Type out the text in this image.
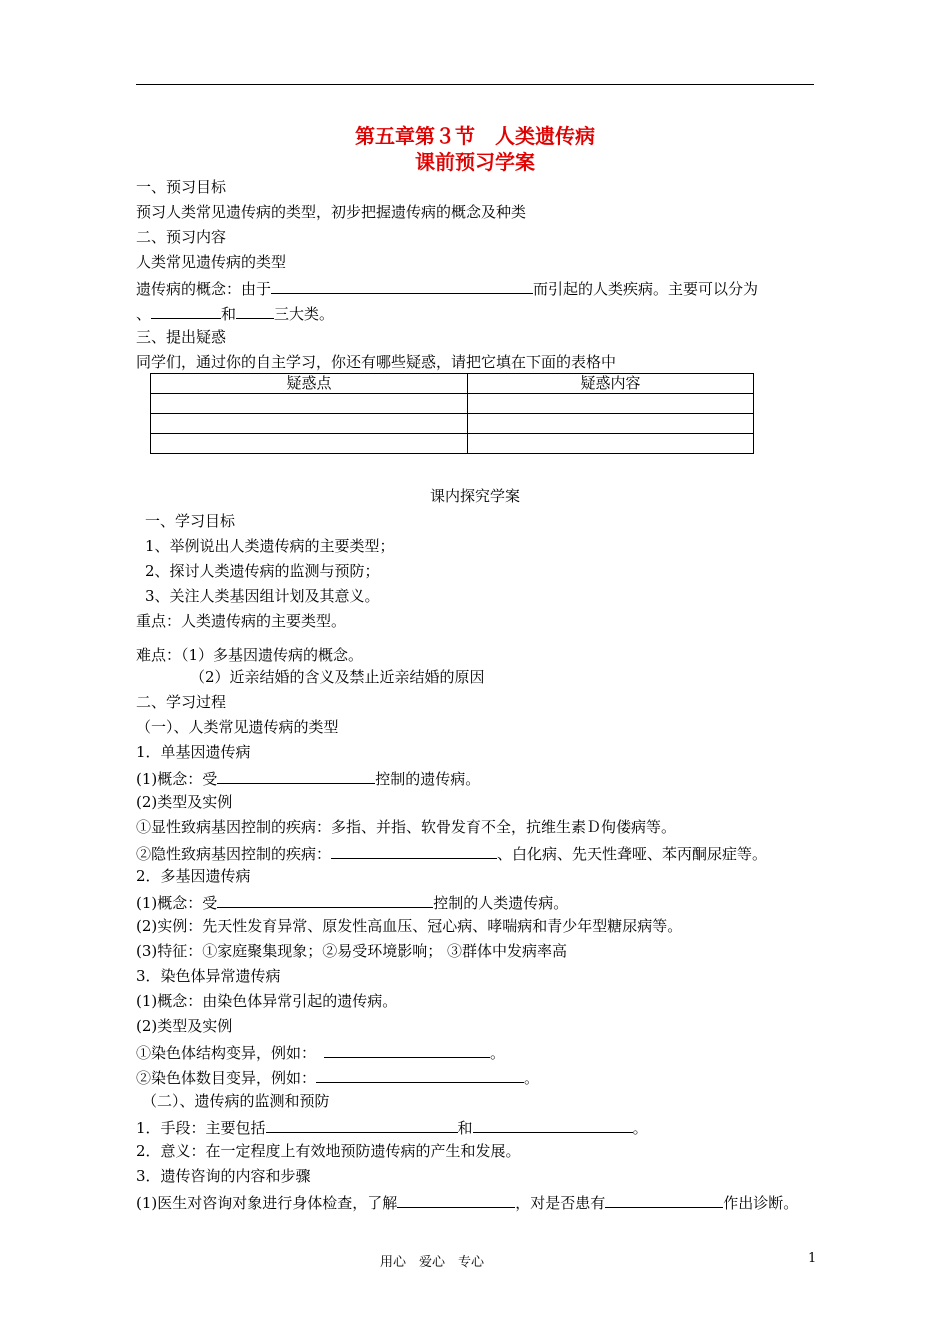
第五章第３节　人类遗传病
课前预习学案
一、预习目标
预习人类常见遗传病的类型，初步把握遗传病的概念及种类
二、预习内容
人类常见遗传病的类型
遗传病的概念：由于	而引起的人类疾病。主要可以分为
、	和	三大类。
三、提出疑惑
同学们，通过你的自主学习，你还有哪些疑惑，请把它填在下面的表格中
疑惑点	疑惑内容

课内探究学案
一、学习目标
1、举例说出人类遗传病的主要类型；
2、探讨人类遗传病的监测与预防；
3、关注人类基因组计划及其意义。
重点：人类遗传病的主要类型。
难点：（1）多基因遗传病的概念。
（2）近亲结婚的含义及禁止近亲结婚的原因
二、学习过程
（一）、人类常见遗传病的类型
1．单基因遗传病
(1)概念：受	控制的遗传病。
(2)类型及实例
①显性致病基因控制的疾病：多指、并指、软骨发育不全，抗维生素Ｄ佝偻病等。
②隐性致病基因控制的疾病：	、白化病、先天性聋哑、苯丙酮尿症等。
2．多基因遗传病
(1)概念：受	控制的人类遗传病。
(2)实例：先天性发育异常、原发性高血压、冠心病、哮喘病和青少年型糖尿病等。
(3)特征：①家庭聚集现象；②易受环境影响； ③群体中发病率高
3．染色体异常遗传病
(1)概念：由染色体异常引起的遗传病。
(2)类型及实例
①染色体结构变异，例如：	。
②染色体数目变异，例如：	。
（二）、遗传病的监测和预防
1．手段：主要包括	和	。
2．意义：在一定程度上有效地预防遗传病的产生和发展。
3．遗传咨询的内容和步骤
(1)医生对咨询对象进行身体检查，了解	，对是否患有	作出诊断。
用心　爱心　专心	1
